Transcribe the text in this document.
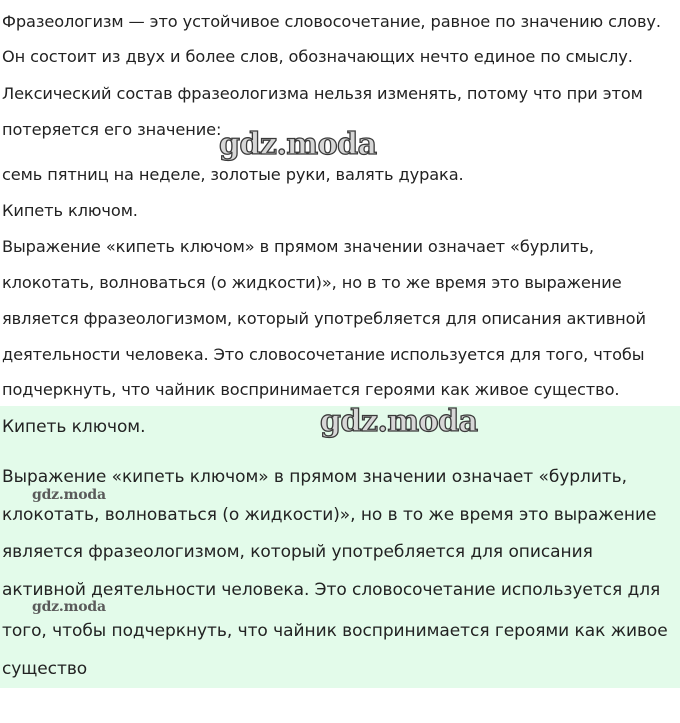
Фразеологизм — это устойчивое словосочетание, равное по значению слову.
Он состоит из двух и более слов, обозначающих нечто единое по смыслу.
Лексический состав фразеологизма нельзя изменять, потому что при этом
потеряется его значение:
семь пятниц на неделе, золотые руки, валять дурака.
Кипеть ключом.
Выражение «кипеть ключом» в прямом значении означает «бурлить,
клокотать, волноваться (о жидкости)», но в то же время это выражение
является фразеологизмом, который употребляется для описания активной
деятельности человека. Это словосочетание используется для того, чтобы
подчеркнуть, что чайник воспринимается героями как живое существо.
Кипеть ключом.
Выражение «кипеть ключом» в прямом значении означает «бурлить,
клокотать, волноваться (о жидкости)», но в то же время это выражение
является фразеологизмом, который употребляется для описания
активной деятельности человека. Это словосочетание используется для
того, чтобы подчеркнуть, что чайник воспринимается героями как живое
существо
gdz.moda
gdz.moda
gdz.moda
gdz.moda
